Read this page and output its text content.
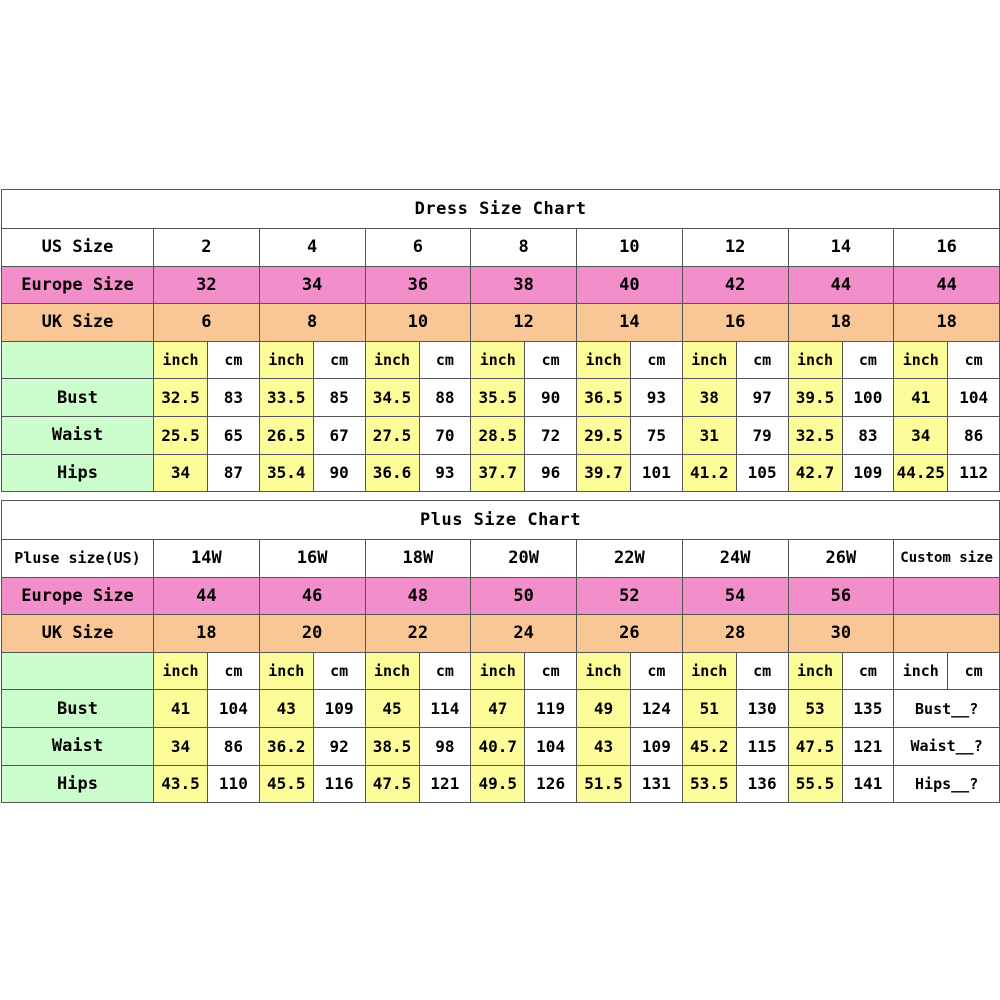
Dress Size Chart																
US Size	2		4		6		8		10		12		14		16	
Europe Size	32		34		36		38		40		42		44		44	
UK Size	6		8		10		12		14		16		18		18	
	inch	cm	inch	cm	inch	cm	inch	cm	inch	cm	inch	cm	inch	cm	inch	cm
Bust	32.5	83	33.5	85	34.5	88	35.5	90	36.5	93	38	97	39.5	100	41	104
Waist	25.5	65	26.5	67	27.5	70	28.5	72	29.5	75	31	79	32.5	83	34	86
Hips	34	87	35.4	90	36.6	93	37.7	96	39.7	101	41.2	105	42.7	109	44.25	112
Plus Size Chart																
Pluse size(US)	14W		16W		18W		20W		22W		24W		26W		Custom size	
Europe Size	44		46		48		50		52		54		56			
UK Size	18		20		22		24		26		28		30			
	inch	cm	inch	cm	inch	cm	inch	cm	inch	cm	inch	cm	inch	cm	inch	cm
Bust	41	104	43	109	45	114	47	119	49	124	51	130	53	135	Bust__?	
Waist	34	86	36.2	92	38.5	98	40.7	104	43	109	45.2	115	47.5	121	Waist__?	
Hips	43.5	110	45.5	116	47.5	121	49.5	126	51.5	131	53.5	136	55.5	141	Hips__?	
